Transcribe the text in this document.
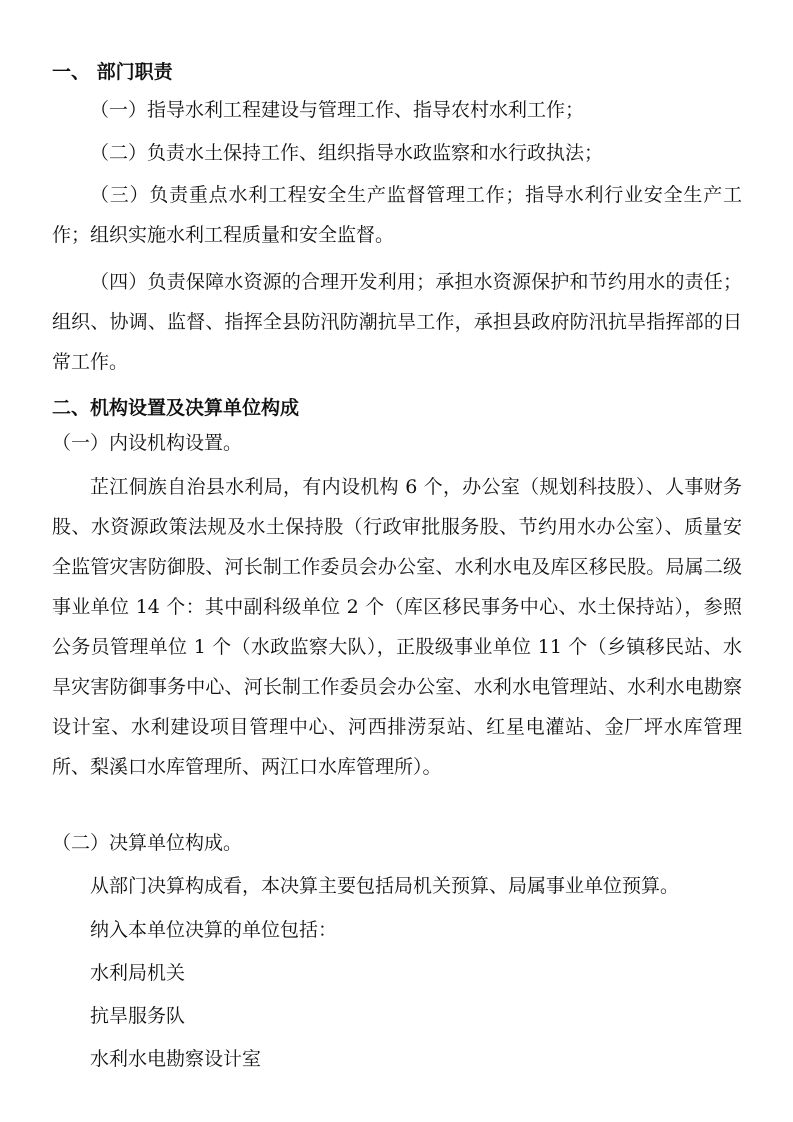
一、 部门职责

（一）指导水利工程建设与管理工作、指导农村水利工作；

（二）负责水土保持工作、组织指导水政监察和水行政执法；

（三）负责重点水利工程安全生产监督管理工作；指导水利行业安全生产工作；组织实施水利工程质量和安全监督。

（四）负责保障水资源的合理开发利用；承担水资源保护和节约用水的责任；组织、协调、监督、指挥全县防汛防潮抗旱工作，承担县政府防汛抗旱指挥部的日常工作。

二、机构设置及决算单位构成

（一）内设机构设置。

芷江侗族自治县水利局，有内设机构 6 个，办公室（规划科技股）、人事财务股、水资源政策法规及水土保持股（行政审批服务股、节约用水办公室）、质量安全监管灾害防御股、河长制工作委员会办公室、水利水电及库区移民股。局属二级事业单位 14 个：其中副科级单位 2 个（库区移民事务中心、水土保持站），参照公务员管理单位 1 个（水政监察大队），正股级事业单位 11 个（乡镇移民站、水旱灾害防御事务中心、河长制工作委员会办公室、水利水电管理站、水利水电勘察设计室、水利建设项目管理中心、河西排涝泵站、红星电灌站、金厂坪水库管理所、梨溪口水库管理所、两江口水库管理所）。

（二）决算单位构成。

从部门决算构成看，本决算主要包括局机关预算、局属事业单位预算。

纳入本单位决算的单位包括：

水利局机关

抗旱服务队

水利水电勘察设计室
